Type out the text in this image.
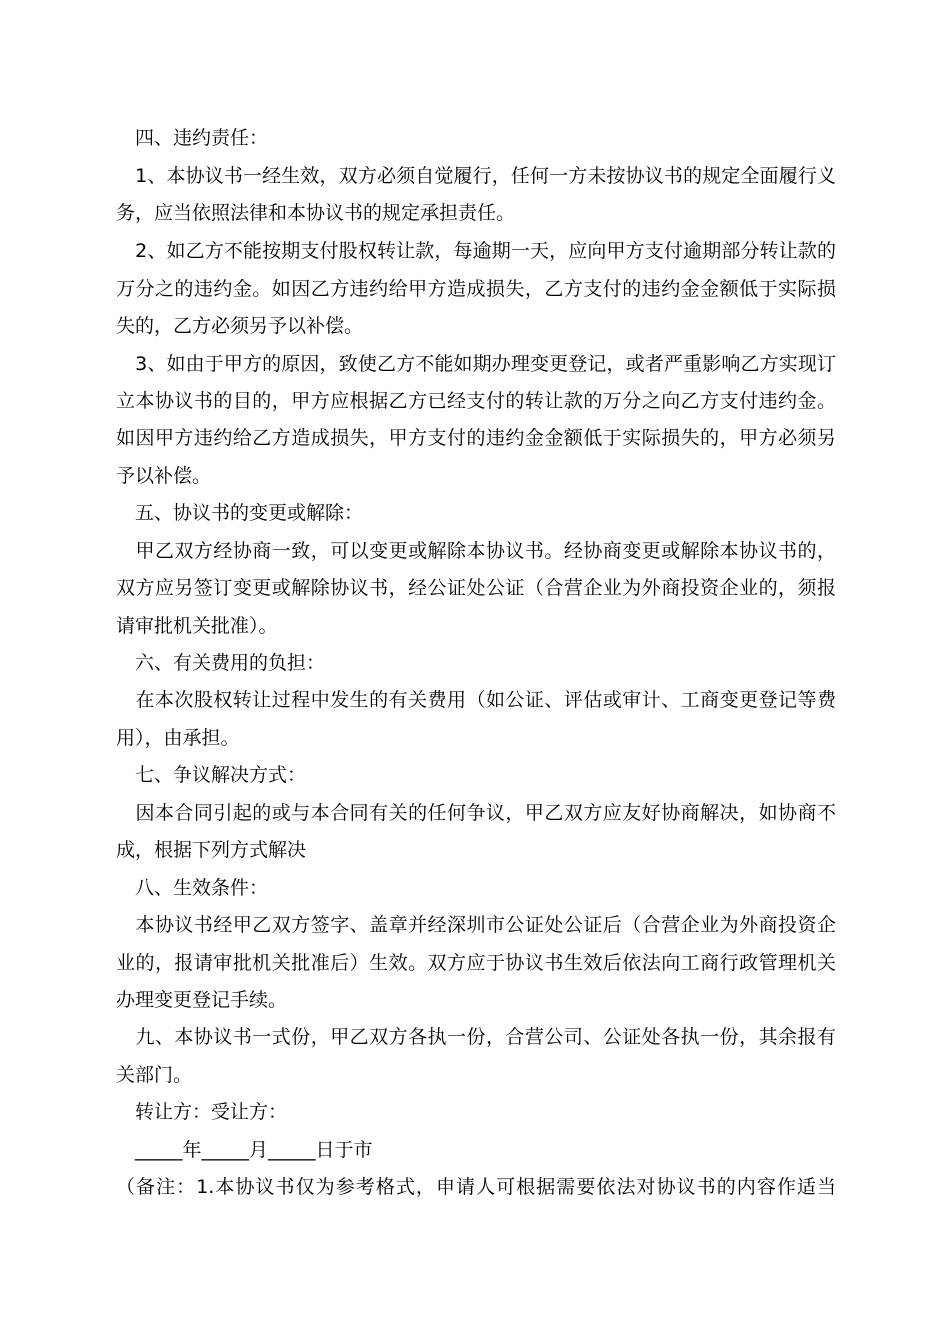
　四、违约责任：
　1、本协议书一经生效，双方必须自觉履行，任何一方未按协议书的规定全面履行义
务，应当依照法律和本协议书的规定承担责任。
　2、如乙方不能按期支付股权转让款，每逾期一天，应向甲方支付逾期部分转让款的
万分之的违约金。如因乙方违约给甲方造成损失，乙方支付的违约金金额低于实际损
失的，乙方必须另予以补偿。
　3、如由于甲方的原因，致使乙方不能如期办理变更登记，或者严重影响乙方实现订
立本协议书的目的，甲方应根据乙方已经支付的转让款的万分之向乙方支付违约金。
如因甲方违约给乙方造成损失，甲方支付的违约金金额低于实际损失的，甲方必须另
予以补偿。
　五、协议书的变更或解除：
　甲乙双方经协商一致，可以变更或解除本协议书。经协商变更或解除本协议书的，
双方应另签订变更或解除协议书，经公证处公证（合营企业为外商投资企业的，须报
请审批机关批准）。
　六、有关费用的负担：
　在本次股权转让过程中发生的有关费用（如公证、评估或审计、工商变更登记等费
用），由承担。
　七、争议解决方式：
　因本合同引起的或与本合同有关的任何争议，甲乙双方应友好协商解决，如协商不
成，根据下列方式解决
　八、生效条件：
　本协议书经甲乙双方签字、盖章并经深圳市公证处公证后（合营企业为外商投资企
业的，报请审批机关批准后）生效。双方应于协议书生效后依法向工商行政管理机关
办理变更登记手续。
　九、本协议书一式份，甲乙双方各执一份，合营公司、公证处各执一份，其余报有
关部门。
　转让方：受让方：
　_____年_____月_____日于市
（备注：1.本协议书仅为参考格式，申请人可根据需要依法对协议书的内容作适当
